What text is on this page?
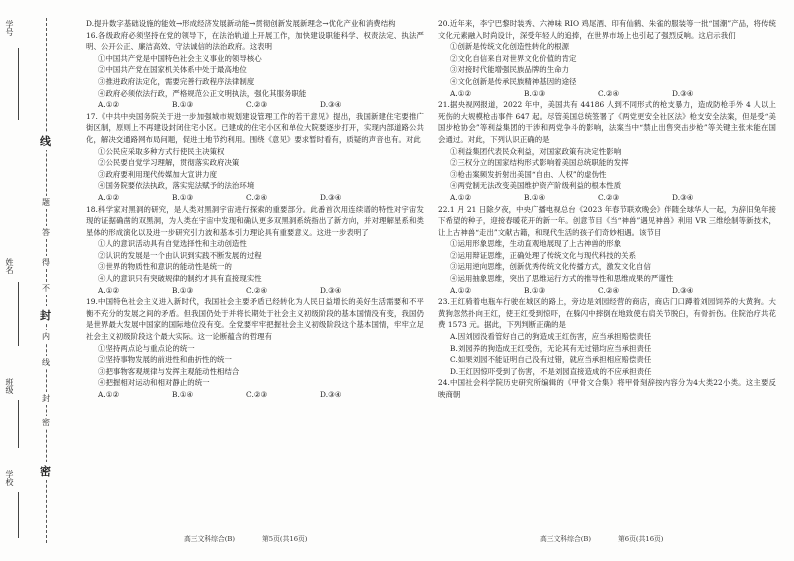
学号
姓名
班级
学校
线
题
答
得
不
封
内
线
封
密
密

D.提升数字基础设施的能效→形成经济发展新动能→贯彻创新发展新理念→优化产业和消费结构

16.各级政府必须坚持在党的领导下，在法治轨道上开展工作，加快建设职能科学、权责法定、执法严明、公开公正、廉洁高效、守法诚信的法治政府。这表明

①中国共产党是中国特色社会主义事业的领导核心

②中国共产党在国家机关体系中处于最高地位

③推进政府法定化，需要完善行政程序法律制度

④政府必须依法行政，严格规范公正文明执法，强化其服务职能

A.①②	B.①③	C.②③	D.③④

17.《中共中央国务院关于进一步加强城市规划建设管理工作的若干意见》提出，我国新建住宅要推广街区制，原则上不再建设封闭住宅小区。已建成的住宅小区和单位大院要逐步打开，实现内部道路公共化，解决交通路网布局问题，促进土地节约利用。围绕《意见》要求暂时看有，质疑的声音也有。对此

①公民应采取多种方式行使民主决策权

②公民要自觉学习理解，贯彻落实政府决策

③政府要利用现代传媒加大宣讲力度

④国务院要依法执政，落实宪法赋予的法治环境

A.①②	B.①③	C.②④	D.③④

18.科学家对黑洞的研究，是人类对黑洞宇宙进行探索的重要部分。此番首次用连续谱的特性对宇宙发现的证据确凿的双黑洞，为人类在宇宙中发现和确认更多双黑洞系统指出了新方向，并对理解星系和类星体的形成演化以及进一步研究引力波和基本引力理论具有重要意义。这进一步表明了

①人的意识活动具有自觉选择性和主动创造性

②认识的发展是一个由认识到实践不断发展的过程

③世界的物质性和意识的能动性是统一的

④人的意识只有突破规律的制约才具有直接现实性

A.①②	B.①③	C.②④	D.③④

19.中国特色社会主义进入新时代，我国社会主要矛盾已经转化为人民日益增长的美好生活需要和不平衡不充分的发展之间的矛盾。但我国仍处于并将长期处于社会主义初级阶段的基本国情没有变，我国仍是世界最大发展中国家的国际地位没有变。全党要牢牢把握社会主义初级阶段这个基本国情，牢牢立足社会主义初级阶段这个最大实际。这一论断蕴含的哲理有

①坚持两点论与重点论的统一

②坚持事物发展的前进性和曲折性的统一

③把事物客观规律与发挥主观能动性相结合

④把握相对运动和相对静止的统一

A.①②	B.①④	C.②③	D.③④

20.近年来，李宁巴黎时装秀、六神味 RIO 鸡尾酒、印有仙鹤、朱雀的服装等一批“国潮”产品，将传统文化元素融入时尚设计，深受年轻人的追捧，在世界市场上也引起了强烈反响。这启示我们

①创新是传统文化创造性转化的根源

②文化自信来自对世界文化价值的肯定

③对接时代能增强民族品牌的生命力

④文化创新是传承民族精神基因的途径

A.①②	B.①③	C.②④	D.③④

21.据央视网报道，2022 年中，美国共有 44186 人到不同形式的枪支暴力，造成防枪手外 4 人以上死伤的大规模枪击事件 647 起。尽管美国总统签署了《两党更安全社区法》枪支安全法案，但是受“美国步枪协会”等利益集团的干涉和两党争斗的影响，法案当中“禁止出售突击步枪”等关键主张未能在国会通过。对此，下列认识正确的是

①利益集团代表民众利益，对国家政策有决定性影响

②三权分立的国家结构形式影响着美国总统职能的发挥

③枪击案频发折射出美国“自由、人权”的虚伪性

④两党制无法改变美国维护资产阶级利益的根本性质

A.①②	B.①④	C.②③	D.③④

22.1 月 21 日除夕夜，中央广播电视总台《2023 年春节联欢晚会》伴随全球华人一起，为辞旧兔年接下希望的种子，迎接春暖花开的新一年。创意节目《当“神兽”遇见神兽》利用 VR 三维绘制等新技术，让上古神兽“走出”文献古籍，和现代生活的孩子们奇妙相遇。该节目

①运用形象思维，生动直观地展现了上古神兽的形象

②运用辩证思维，正确处理了传统文化与现代科技的关系

③运用逆向思维，创新优秀传统文化传播方式，激发文化自信

④运用抽象思维，突出了思维运行方式的推导性和思维成果的严谨性

A.①②	B.①③	C.②④	D.③④

23.王红骑着电瓶车行驶在城区的路上，旁边是刘园经营的商店，商店门口蹲着刘园饲养的大黄狗。大黄狗忽然扑向王红，使王红受到惊吓，在躲闪中摔倒在地致使右肩关节脱臼，有骨折伤。住院治疗共花费 1573 元。据此，下列判断正确的是

A.因刘园没看管好自己的狗造成王红伤害，应当承担赔偿责任

B.刘园养的狗造成王红受伤，无论其有无过错均应当承担责任

C.如果刘园不能证明自己没有过错，就应当承担相应赔偿责任

D.王红因惊吓受到了伤害，不是刘园直接造成的不应承担责任

24.中国社会科学院历史研究所编辑的《甲骨文合集》将甲骨刻辞按内容分为4大类22小类。这主要反映商朝

高三文科综合(B)	第5页(共16页)	高三文科综合(B)	第6页(共16页)
